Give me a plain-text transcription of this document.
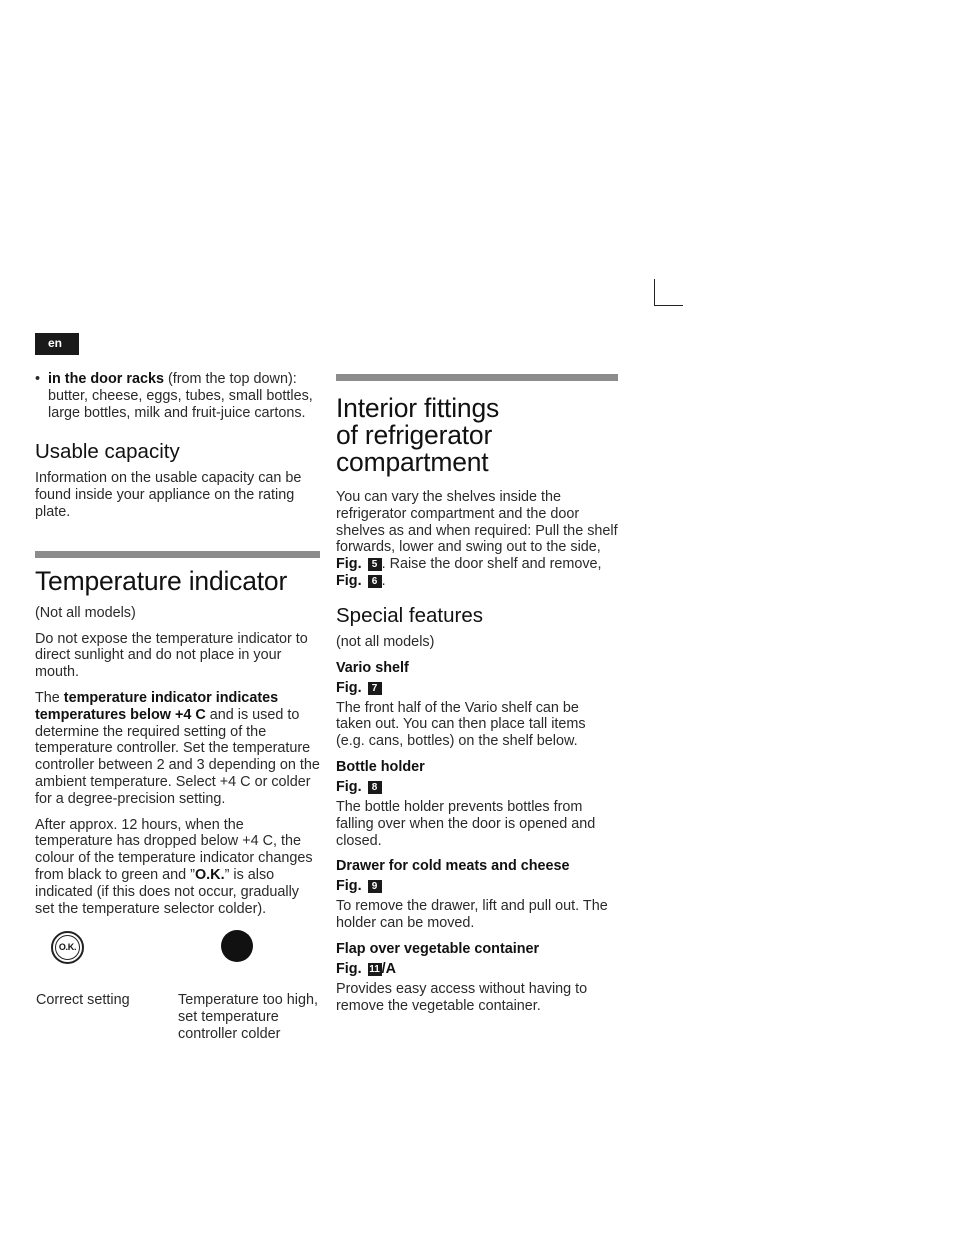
en
• in the door racks (from the top down): butter, cheese, eggs, tubes, small bottles, large bottles, milk and fruit-juice cartons.
Usable capacity

Information on the usable capacity can be found inside your appliance on the rating plate.

Temperature indicator

(Not all models)

Do not expose the temperature indicator to direct sunlight and do not place in your mouth.

The temperature indicator indicates temperatures below +4 C and is used to determine the required setting of the temperature controller. Set the temperature controller between 2 and 3 depending on the ambient temperature. Select +4 C or colder for a degree-precision setting.

After approx. 12 hours, when the temperature has dropped below +4 C, the colour of the temperature indicator changes from black to green and ”O.K.” is also indicated (if this does not occur, gradually set the temperature selector colder).

O.K.
Correct setting	Temperature too high, set temperature controller colder
Interior fittings
of refrigerator
compartment

You can vary the shelves inside the refrigerator compartment and the door shelves as and when required: Pull the shelf forwards, lower and swing out to the side, Fig. 5 . Raise the door shelf and remove, Fig. 6 .

Special features

(not all models)

Vario shelf
Fig. 7

The front half of the Vario shelf can be taken out. You can then place tall items (e.g. cans, bottles) on the shelf below.

Bottle holder
Fig. 8

The bottle holder prevents bottles from falling over when the door is opened and closed.

Drawer for cold meats and cheese
Fig. 9

To remove the drawer, lift and pull out. The holder can be moved.

Flap over vegetable container
Fig. 11 /A

Provides easy access without having to remove the vegetable container.
